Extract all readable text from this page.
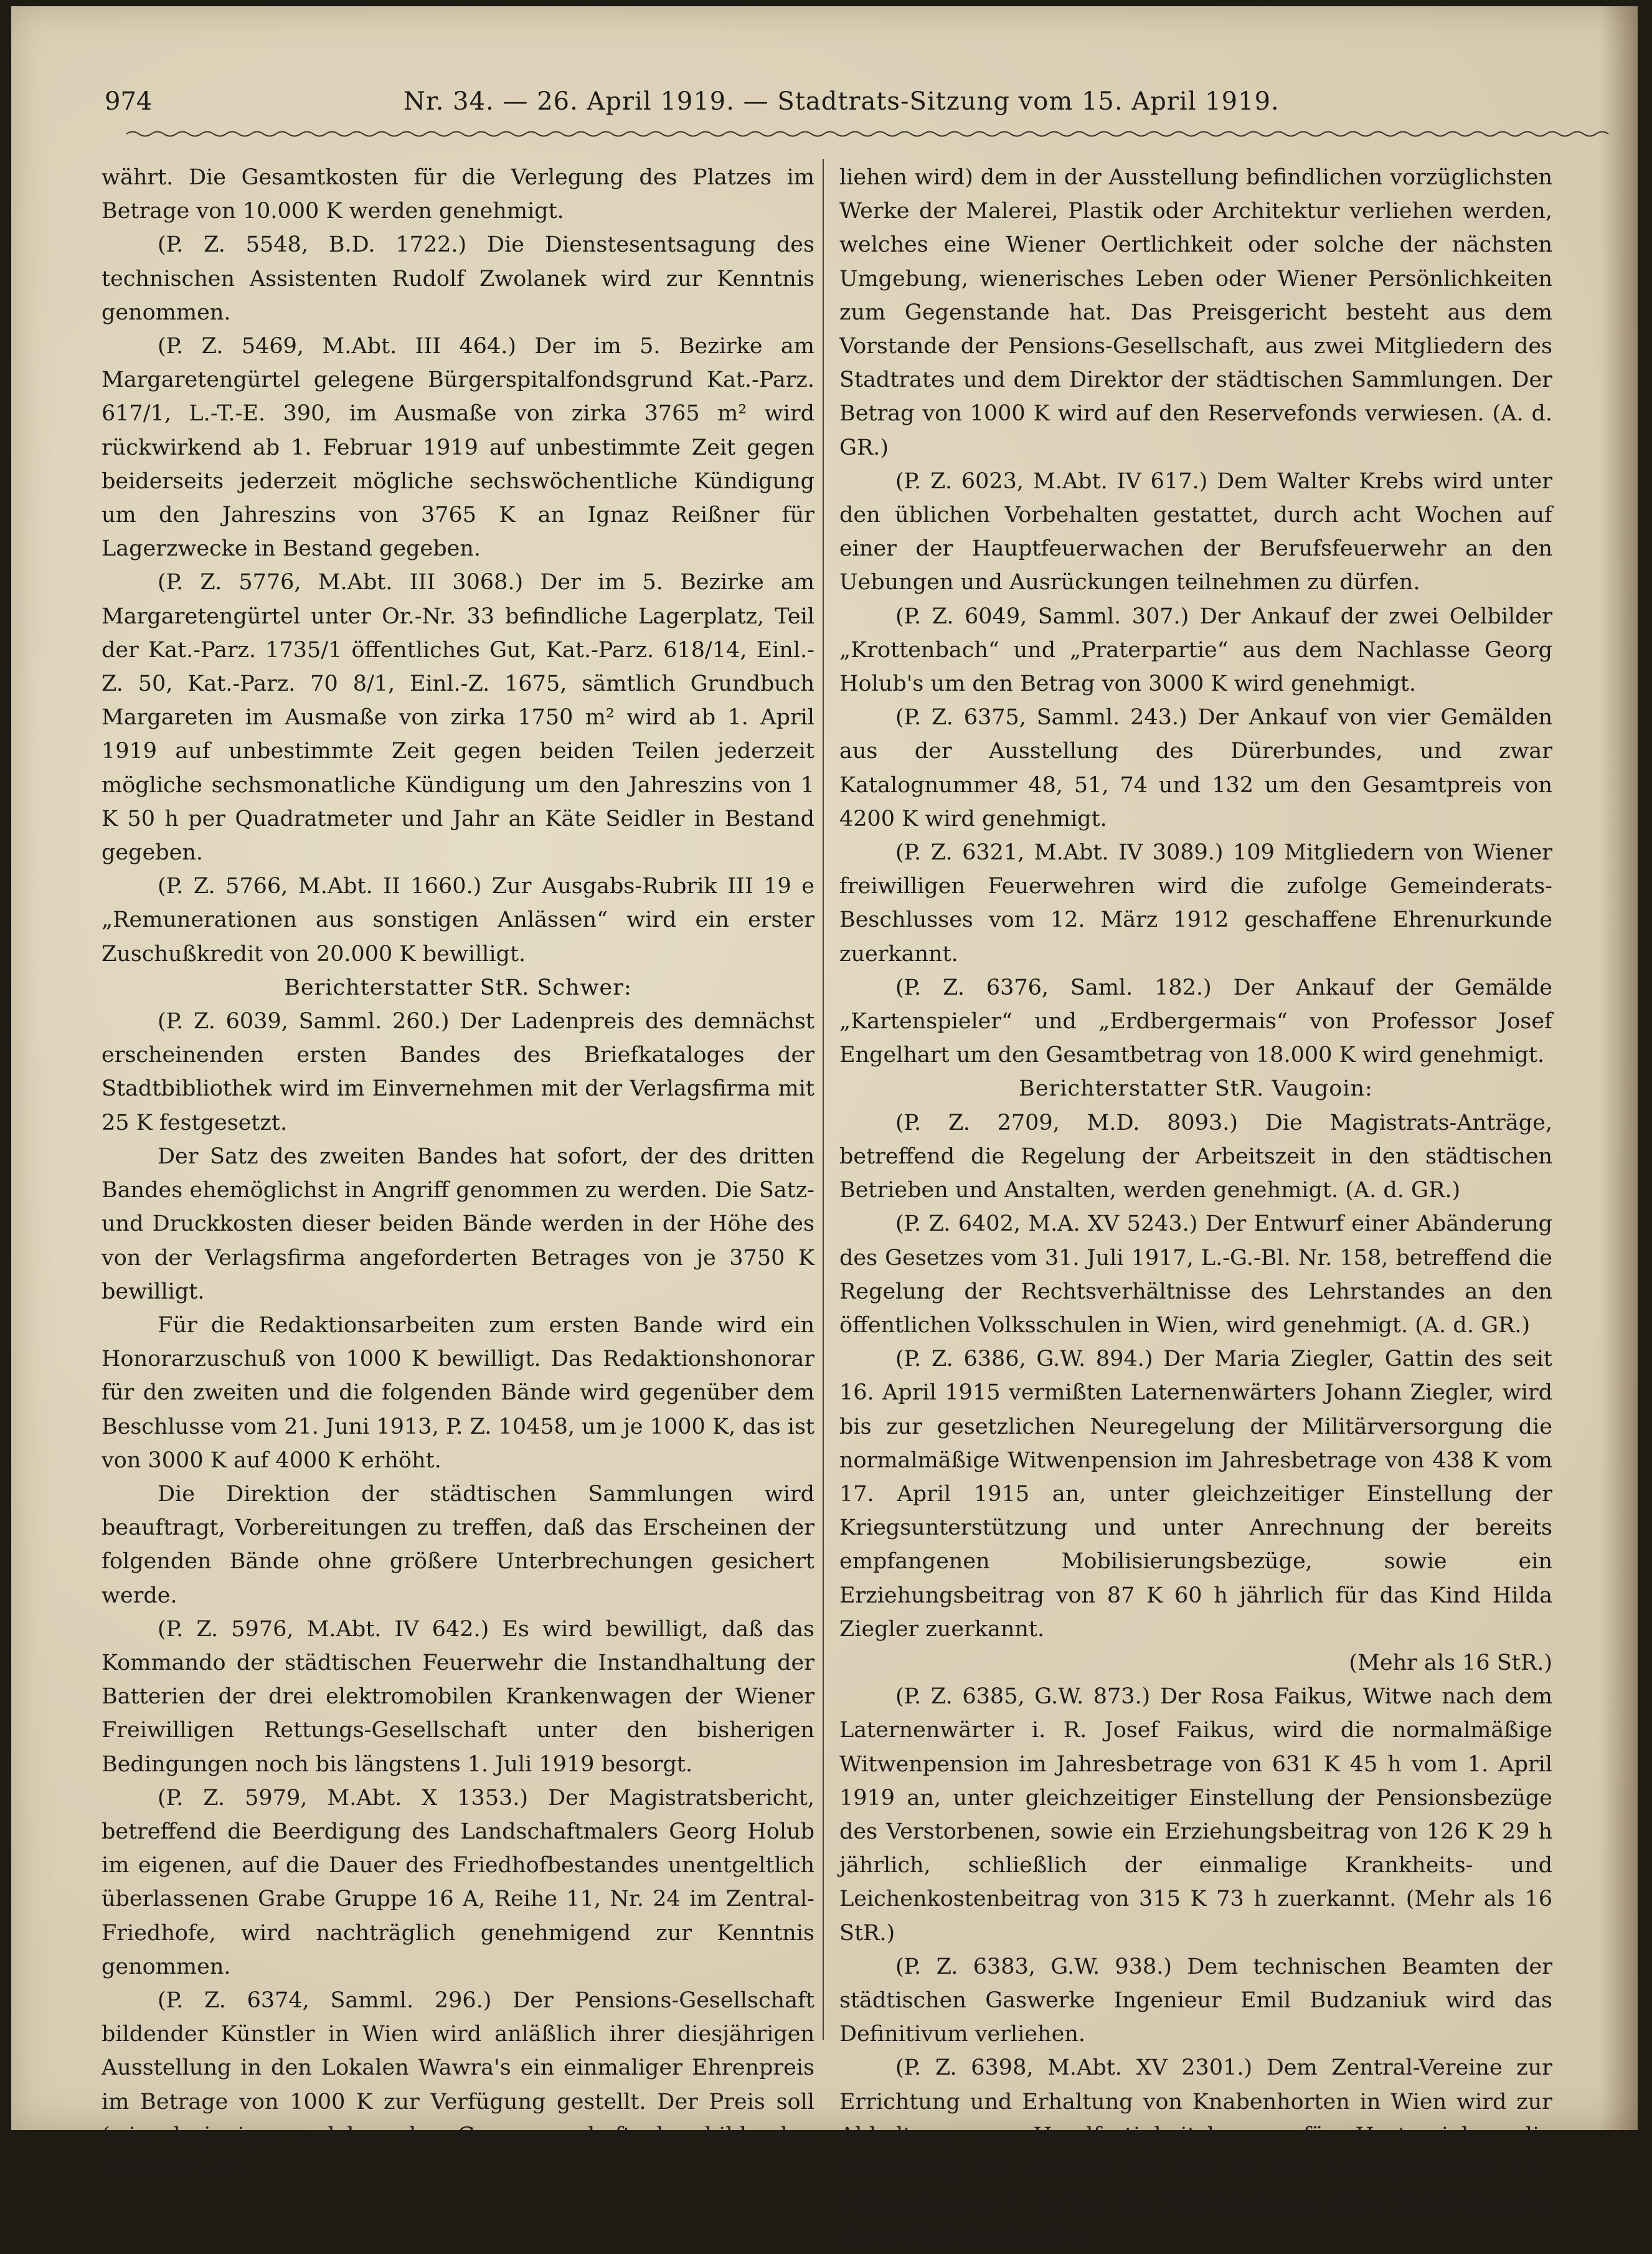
974	Nr. 34. — 26. April 1919. — Stadtrats-Sitzung vom 15. April 1919.

währt. Die Gesamtkosten für die Verlegung des Platzes im Betrage von 10.000 K werden genehmigt.

(P. Z. 5548, B.D. 1722.) Die Dienstesentsagung des technischen Assistenten Rudolf Zwolanek wird zur Kenntnis genommen.

(P. Z. 5469, M.Abt. III 464.) Der im 5. Bezirke am Margaretengürtel gelegene Bürgerspitalfondsgrund Kat.-Parz. 617/1, L.-T.-E. 390, im Ausmaße von zirka 3765 m² wird rückwirkend ab 1. Februar 1919 auf unbestimmte Zeit gegen beiderseits jederzeit mögliche sechswöchentliche Kündigung um den Jahreszins von 3765 K an Ignaz Reißner für Lagerzwecke in Bestand gegeben.

(P. Z. 5776, M.Abt. III 3068.) Der im 5. Bezirke am Margaretengürtel unter Or.-Nr. 33 befindliche Lagerplatz, Teil der Kat.-Parz. 1735/1 öffentliches Gut, Kat.-Parz. 618/14, Einl.-Z. 50, Kat.-Parz. 70 8/1, Einl.-Z. 1675, sämtlich Grundbuch Margareten im Ausmaße von zirka 1750 m² wird ab 1. April 1919 auf unbestimmte Zeit gegen beiden Teilen jederzeit mögliche sechsmonatliche Kündigung um den Jahreszins von 1 K 50 h per Quadratmeter und Jahr an Käte Seidler in Bestand gegeben.

(P. Z. 5766, M.Abt. II 1660.) Zur Ausgabs-Rubrik III 19 e „Remunerationen aus sonstigen Anlässen“ wird ein erster Zuschußkredit von 20.000 K bewilligt.

Berichterstatter StR. Schwer:

(P. Z. 6039, Samml. 260.) Der Ladenpreis des demnächst erscheinenden ersten Bandes des Briefkataloges der Stadtbibliothek wird im Einvernehmen mit der Verlagsfirma mit 25 K festgesetzt.

Der Satz des zweiten Bandes hat sofort, der des dritten Bandes ehemöglichst in Angriff genommen zu werden. Die Satz- und Druckkosten dieser beiden Bände werden in der Höhe des von der Verlagsfirma angeforderten Betrages von je 3750 K bewilligt.

Für die Redaktionsarbeiten zum ersten Bande wird ein Honorarzuschuß von 1000 K bewilligt. Das Redaktionshonorar für den zweiten und die folgenden Bände wird gegenüber dem Beschlusse vom 21. Juni 1913, P. Z. 10458, um je 1000 K, das ist von 3000 K auf 4000 K erhöht.

Die Direktion der städtischen Sammlungen wird beauftragt, Vorbereitungen zu treffen, daß das Erscheinen der folgenden Bände ohne größere Unterbrechungen gesichert werde.

(P. Z. 5976, M.Abt. IV 642.) Es wird bewilligt, daß das Kommando der städtischen Feuerwehr die Instandhaltung der Batterien der drei elektromobilen Krankenwagen der Wiener Freiwilligen Rettungs-Gesellschaft unter den bisherigen Bedingungen noch bis längstens 1. Juli 1919 besorgt.

(P. Z. 5979, M.Abt. X 1353.) Der Magistratsbericht, betreffend die Beerdigung des Landschaftmalers Georg Holub im eigenen, auf die Dauer des Friedhofbestandes unentgeltlich überlassenen Grabe Gruppe 16 A, Reihe 11, Nr. 24 im Zentral-Friedhofe, wird nachträglich genehmigend zur Kenntnis genommen.

(P. Z. 6374, Samml. 296.) Der Pensions-Gesellschaft bildender Künstler in Wien wird anläßlich ihrer diesjährigen Ausstellung in den Lokalen Wawra's ein einmaliger Ehrenpreis im Betrage von 1000 K zur Verfügung gestellt. Der Preis soll (wie derjenige, welcher der Genossenschaft der bildenden Künstler ver-

liehen wird) dem in der Ausstellung befindlichen vorzüglichsten Werke der Malerei, Plastik oder Architektur verliehen werden, welches eine Wiener Oertlichkeit oder solche der nächsten Umgebung, wienerisches Leben oder Wiener Persönlichkeiten zum Gegenstande hat. Das Preisgericht besteht aus dem Vorstande der Pensions-Gesellschaft, aus zwei Mitgliedern des Stadtrates und dem Direktor der städtischen Sammlungen. Der Betrag von 1000 K wird auf den Reservefonds verwiesen. (A. d. GR.)

(P. Z. 6023, M.Abt. IV 617.) Dem Walter Krebs wird unter den üblichen Vorbehalten gestattet, durch acht Wochen auf einer der Hauptfeuerwachen der Berufsfeuerwehr an den Uebungen und Ausrückungen teilnehmen zu dürfen.

(P. Z. 6049, Samml. 307.) Der Ankauf der zwei Oelbilder „Krottenbach“ und „Praterpartie“ aus dem Nachlasse Georg Holub's um den Betrag von 3000 K wird genehmigt.

(P. Z. 6375, Samml. 243.) Der Ankauf von vier Gemälden aus der Ausstellung des Dürerbundes, und zwar Katalognummer 48, 51, 74 und 132 um den Gesamtpreis von 4200 K wird genehmigt.

(P. Z. 6321, M.Abt. IV 3089.) 109 Mitgliedern von Wiener freiwilligen Feuerwehren wird die zufolge Gemeinderats-Beschlusses vom 12. März 1912 geschaffene Ehrenurkunde zuerkannt.

(P. Z. 6376, Saml. 182.) Der Ankauf der Gemälde „Kartenspieler“ und „Erdbergermais“ von Professor Josef Engelhart um den Gesamtbetrag von 18.000 K wird genehmigt.

Berichterstatter StR. Vaugoin:

(P. Z. 2709, M.D. 8093.) Die Magistrats-Anträge, betreffend die Regelung der Arbeitszeit in den städtischen Betrieben und Anstalten, werden genehmigt. (A. d. GR.)

(P. Z. 6402, M.A. XV 5243.) Der Entwurf einer Abänderung des Gesetzes vom 31. Juli 1917, L.-G.-Bl. Nr. 158, betreffend die Regelung der Rechtsverhältnisse des Lehrstandes an den öffentlichen Volksschulen in Wien, wird genehmigt. (A. d. GR.)

(P. Z. 6386, G.W. 894.) Der Maria Ziegler, Gattin des seit 16. April 1915 vermißten Laternenwärters Johann Ziegler, wird bis zur gesetzlichen Neuregelung der Militärversorgung die normalmäßige Witwenpension im Jahresbetrage von 438 K vom 17. April 1915 an, unter gleichzeitiger Einstellung der Kriegsunterstützung und unter Anrechnung der bereits empfangenen Mobilisierungsbezüge, sowie ein Erziehungsbeitrag von 87 K 60 h jährlich für das Kind Hilda Ziegler zuerkannt.

(Mehr als 16 StR.)

(P. Z. 6385, G.W. 873.) Der Rosa Faikus, Witwe nach dem Laternenwärter i. R. Josef Faikus, wird die normalmäßige Witwenpension im Jahresbetrage von 631 K 45 h vom 1. April 1919 an, unter gleichzeitiger Einstellung der Pensionsbezüge des Verstorbenen, sowie ein Erziehungsbeitrag von 126 K 29 h jährlich, schließlich der einmalige Krankheits- und Leichenkostenbeitrag von 315 K 73 h zuerkannt. (Mehr als 16 StR.)

(P. Z. 6383, G.W. 938.) Dem technischen Beamten der städtischen Gaswerke Ingenieur Emil Budzaniuk wird das Definitivum verliehen.

(P. Z. 6398, M.Abt. XV 2301.) Dem Zentral-Vereine zur Errichtung und Erhaltung von Knabenhorten in Wien wird zur Abhaltung von Handfertigkeitskursen für Horterzieher die Benützung der Zimmer 29 und 30 des Schulgebäudes 13., Mühsamgasse 1, ferner die Mitbenützung eines Zeichensaales dieses Schulgebäudes
